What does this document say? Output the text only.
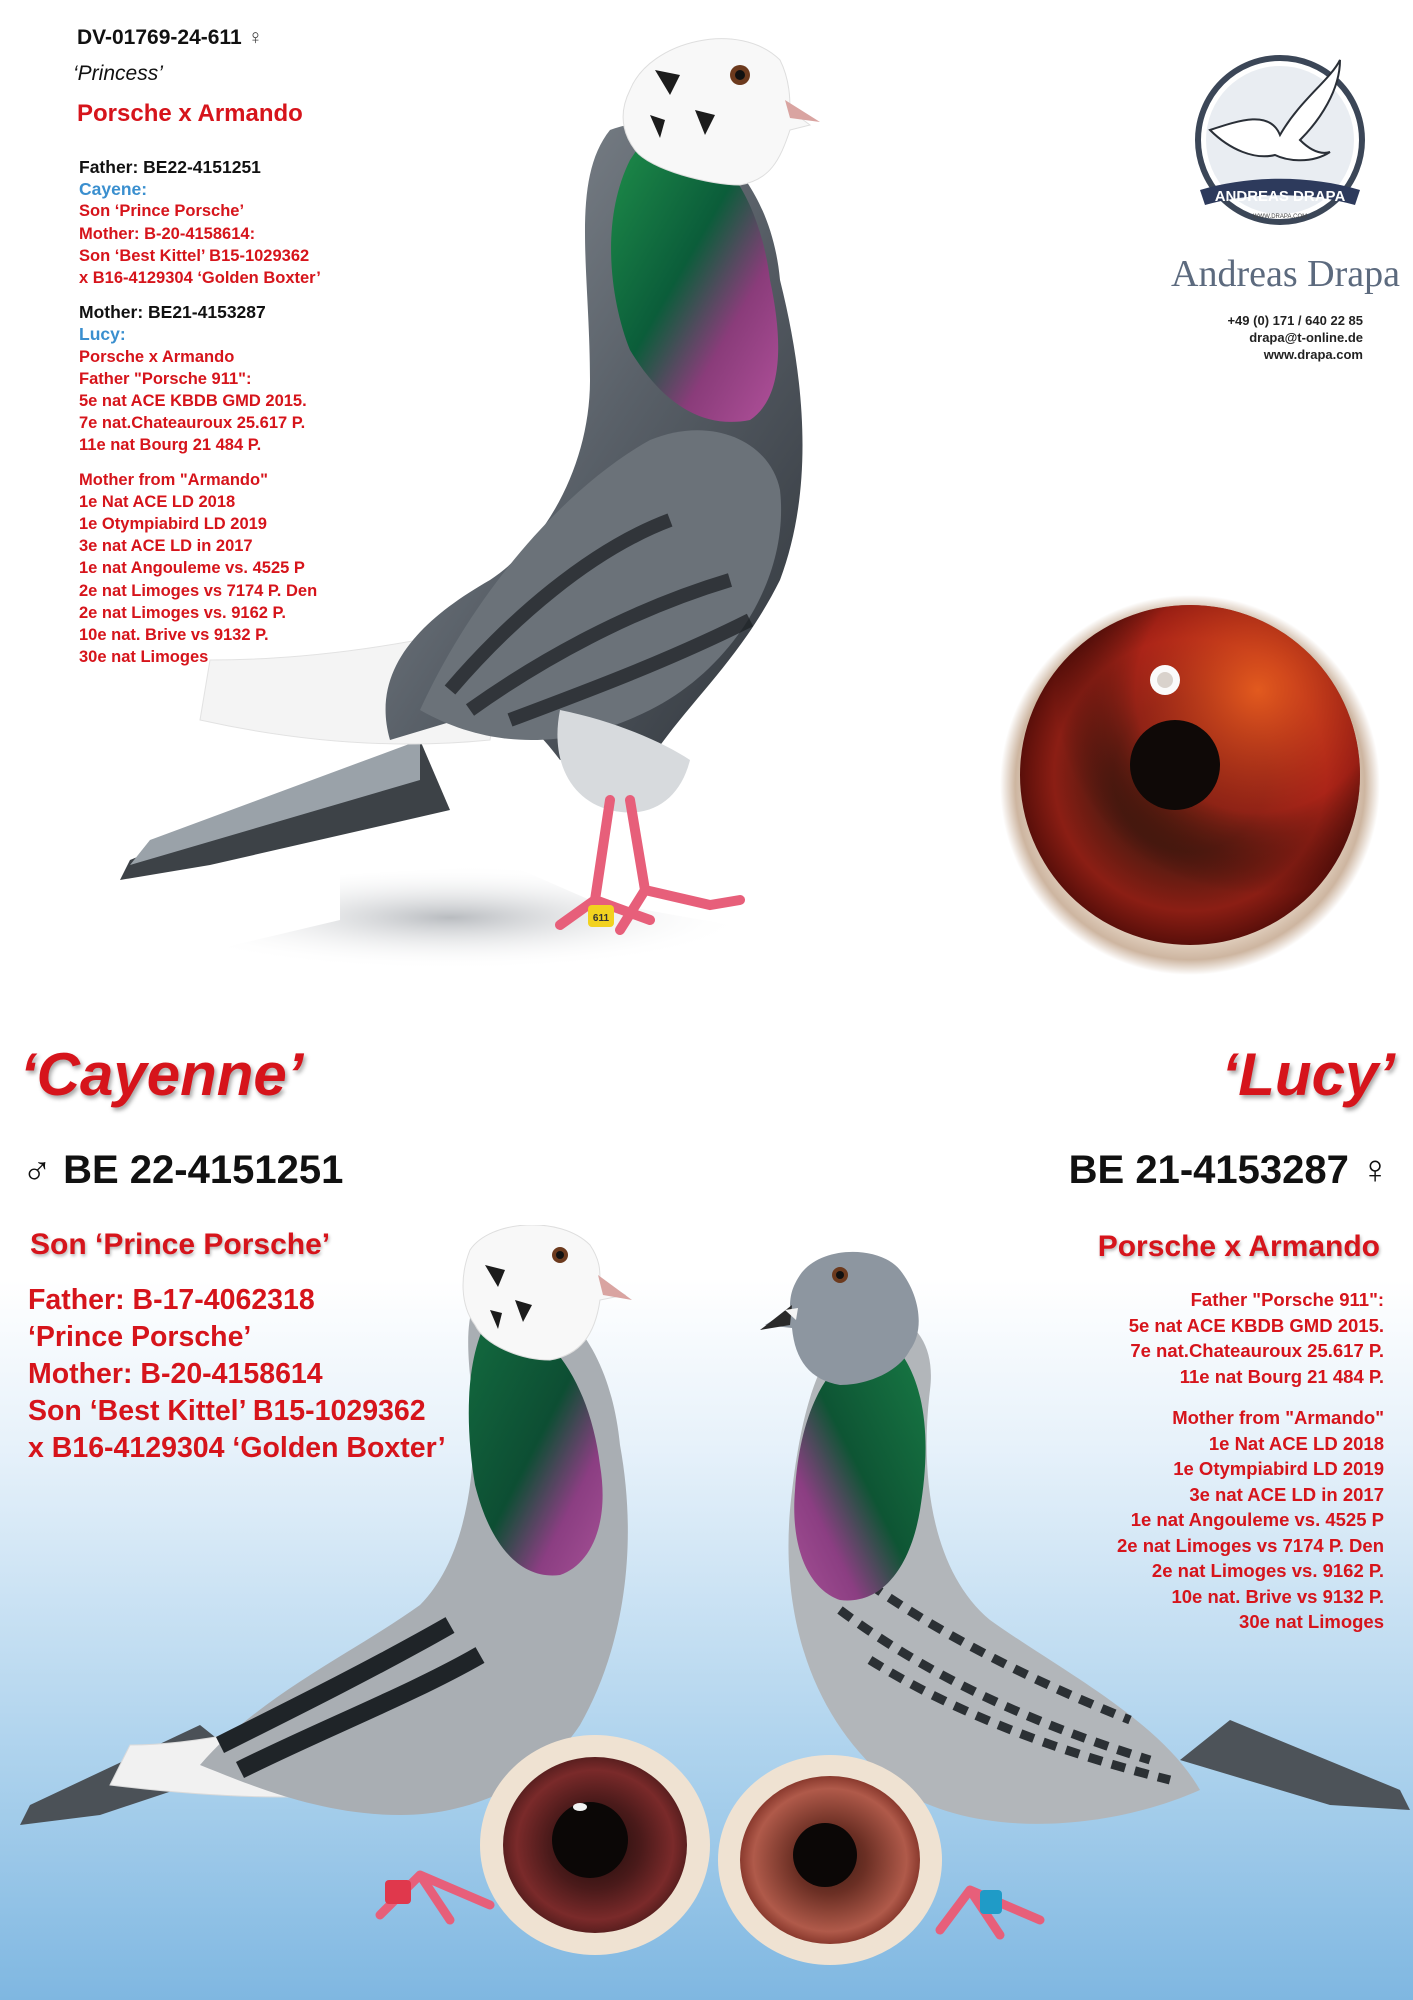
DV-01769-24-611 ♀
‘Princess’
Porsche x Armando
Father: BE22-4151251
Cayene:
Son ‘Prince Porsche’
Mother: B-20-4158614:
Son ‘Best Kittel’ B15-1029362
x B16-4129304 ‘Golden Boxter’
Mother: BE21-4153287
Lucy:
Porsche x Armando
Father "Porsche 911":
5e nat ACE KBDB GMD 2015.
7e nat.Chateauroux 25.617 P.
11e nat Bourg 21 484 P.
Mother from "Armando"
1e Nat ACE LD 2018
1e Otympiabird LD 2019
3e nat ACE LD in 2017
1e nat Angouleme vs. 4525 P
2e nat Limoges vs 7174 P. Den
2e nat Limoges vs. 9162 P.
10e nat. Brive vs 9132 P.
30e nat Limoges
611
ANDREAS DRAPA
WWW.DRAPA.COM
Andreas Drapa
+49 (0) 171 / 640 22 85
drapa@t-online.de
www.drapa.com
‘Cayenne’	‘Lucy’
♂ BE 22-4151251	BE 21-4153287 ♀
Son ‘Prince Porsche’	Porsche x Armando
Father: B-17-4062318
‘Prince Porsche’
Mother: B-20-4158614
Son ‘Best Kittel’ B15-1029362
x B16-4129304 ‘Golden Boxter’
Father "Porsche 911":
5e nat ACE KBDB GMD 2015.
7e nat.Chateauroux 25.617 P.
11e nat Bourg 21 484 P.
Mother from "Armando"
1e Nat ACE LD 2018
1e Otympiabird LD 2019
3e nat ACE LD in 2017
1e nat Angouleme vs. 4525 P
2e nat Limoges vs 7174 P. Den
2e nat Limoges vs. 9162 P.
10e nat. Brive vs 9132 P.
30e nat Limoges
